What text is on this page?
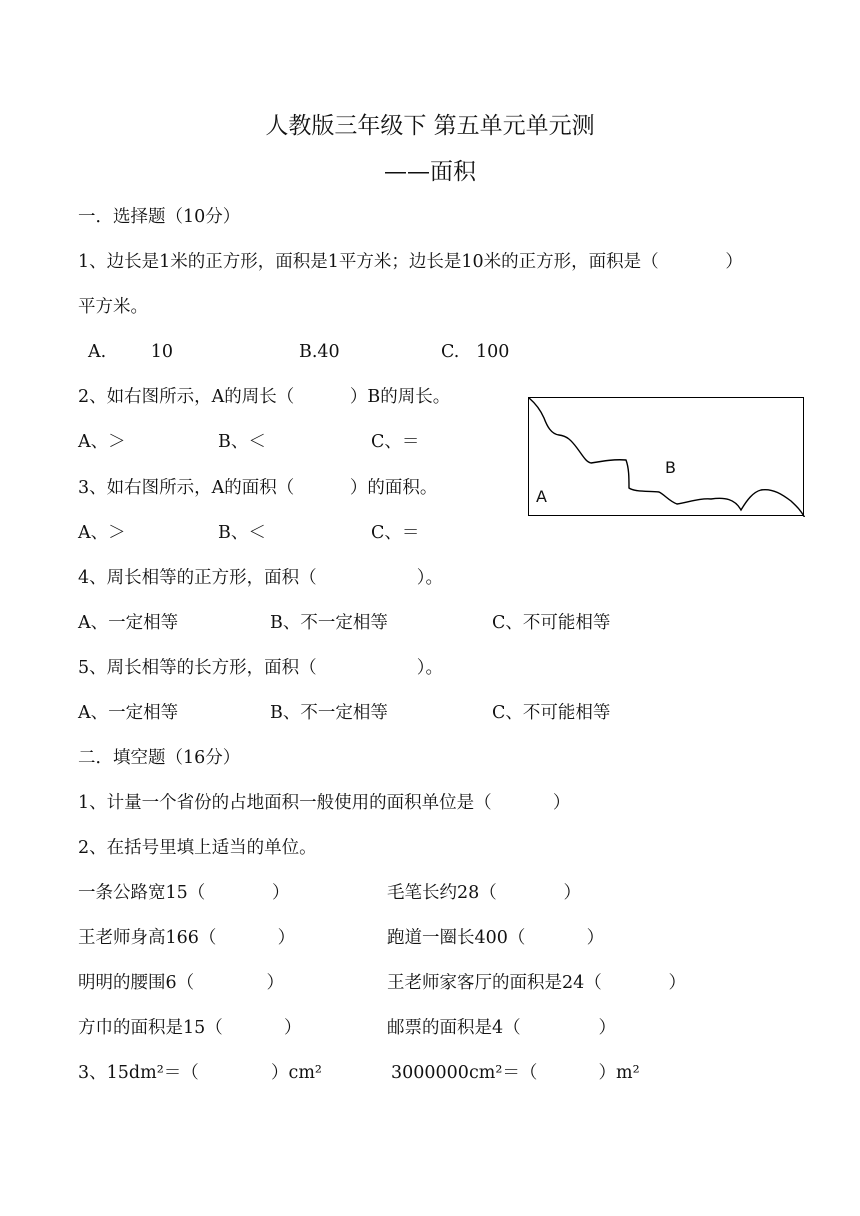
人教版三年级下 第五单元单元测
——面积
一．选择题（10分）
1、边长是1米的正方形，面积是1平方米；边长是10米的正方形，面积是（            ）
平方米。
A.        10	B.40	C.   100
2、如右图所示，A的周长（          ）B的周长。
A、＞	B、＜	C、＝
3、如右图所示，A的面积（          ）的面积。
A、＞	B、＜	C、＝
B
A
4、周长相等的正方形，面积（                  ）。
A、一定相等	B、不一定相等	C、不可能相等
5、周长相等的长方形，面积（                  ）。
A、一定相等	B、不一定相等	C、不可能相等
二．填空题（16分）
1、计量一个省份的占地面积一般使用的面积单位是（           ）
2、在括号里填上适当的单位。
一条公路宽15（            ）	毛笔长约28（            ）
王老师身高166（           ）	跑道一圈长400（           ）
明明的腰围6（             ）	王老师家客厅的面积是24（            ）
方巾的面积是15（           ）	邮票的面积是4（              ）
3、15dm²＝（             ）cm²	3000000cm²＝（           ）m²
